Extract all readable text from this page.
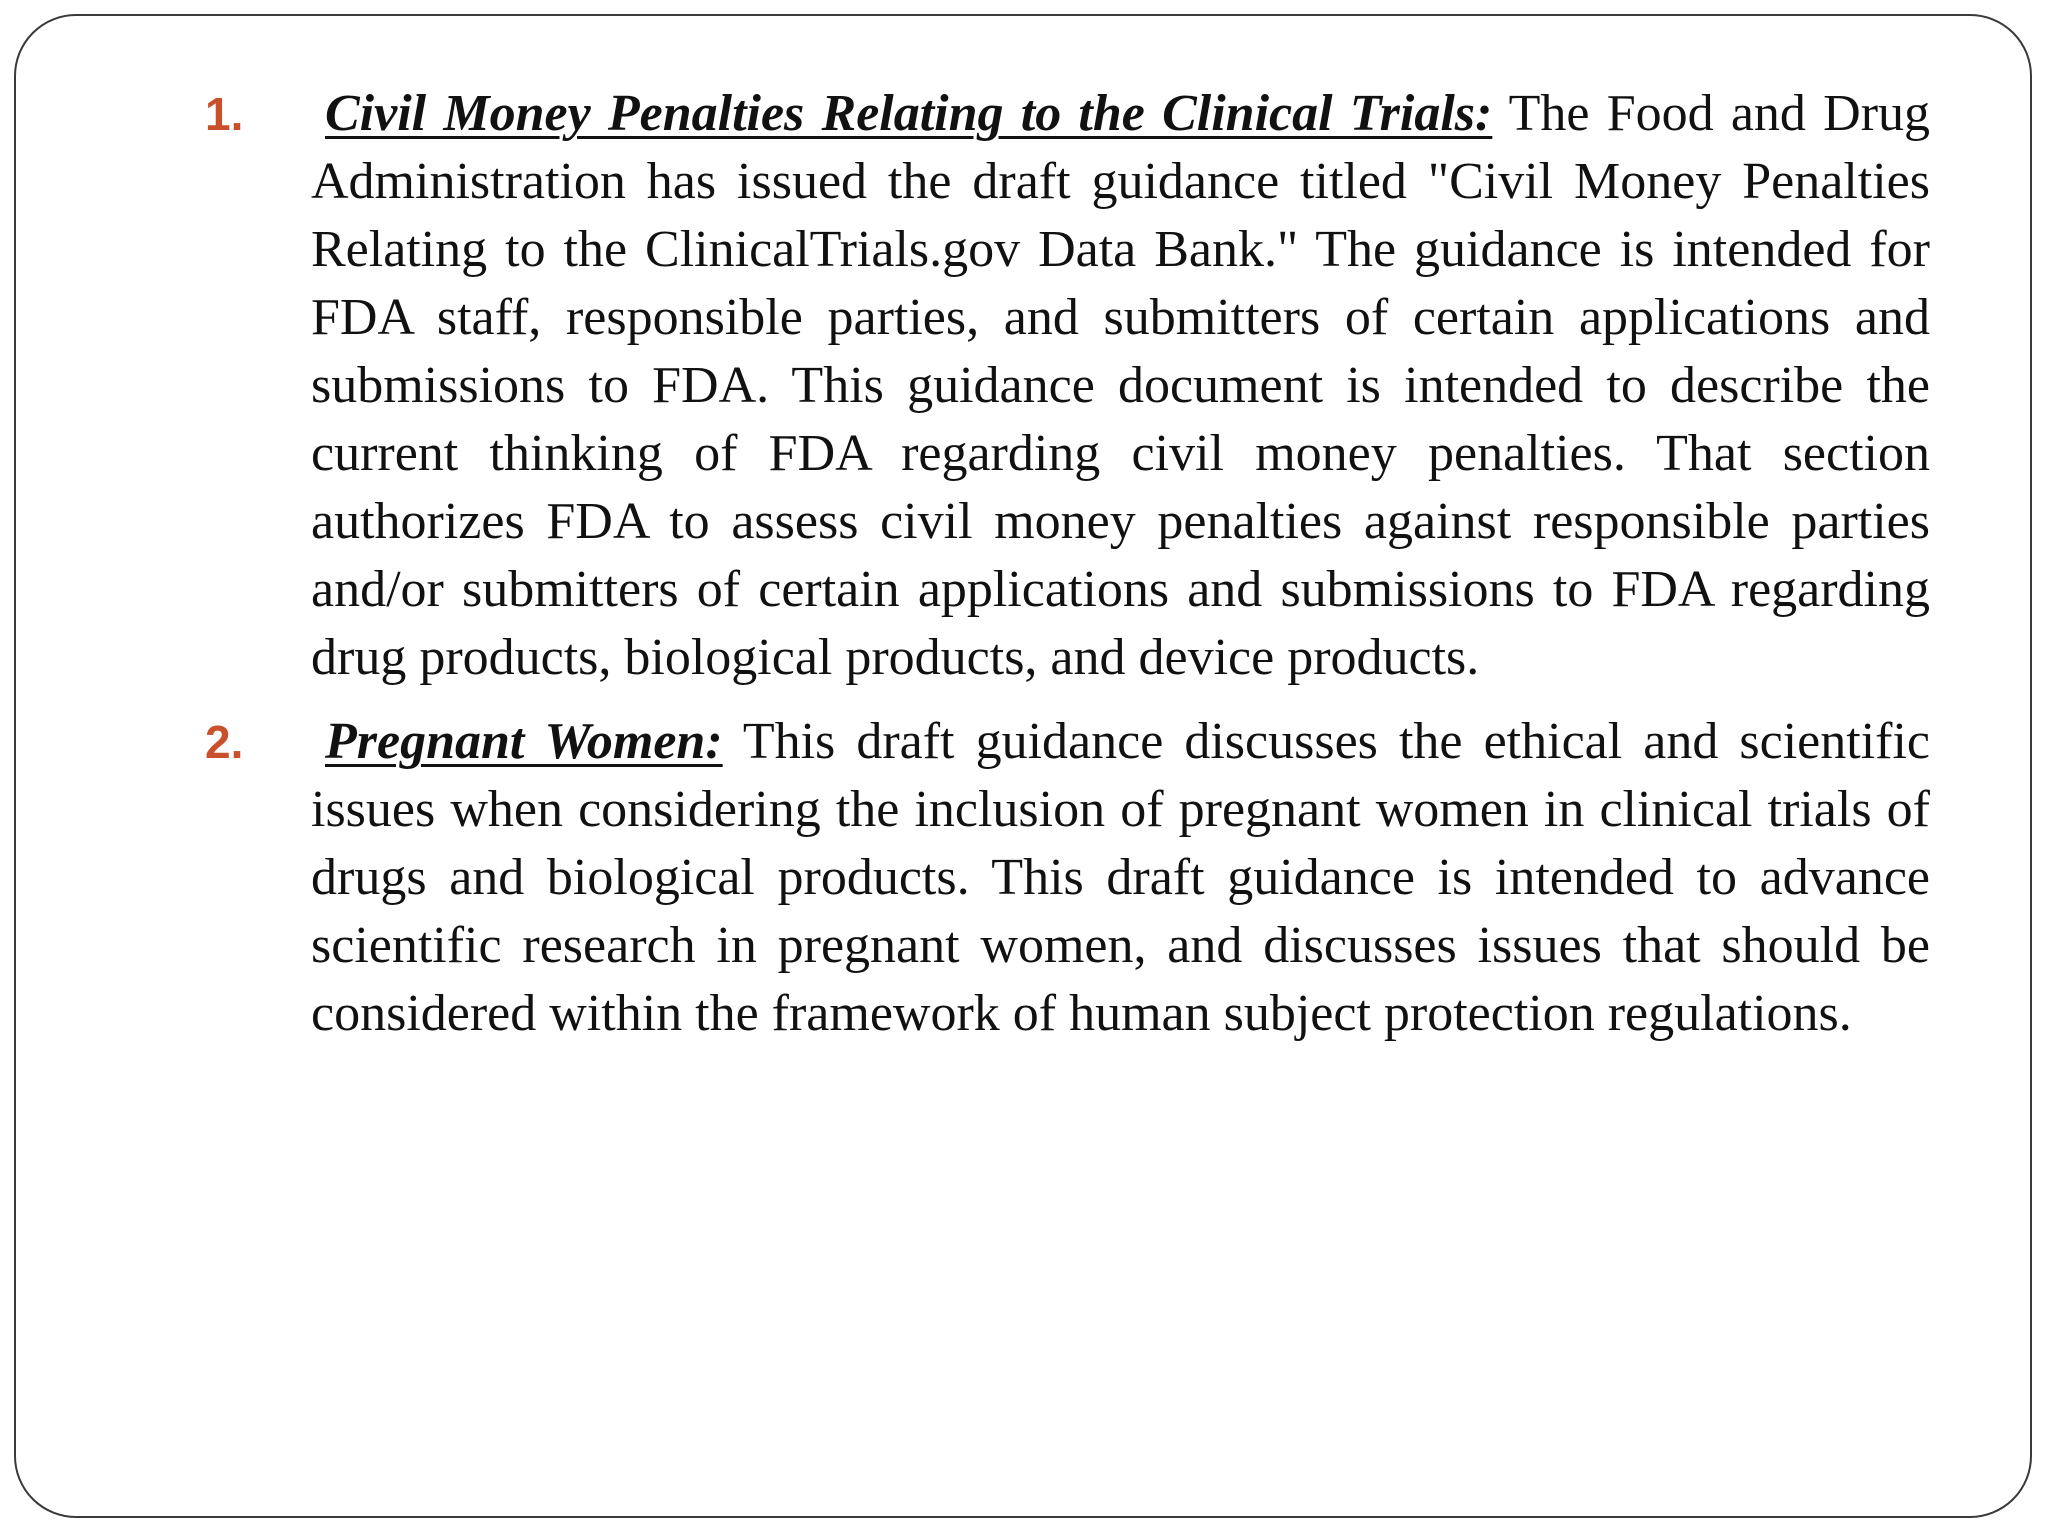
1. Civil Money Penalties Relating to the Clinical Trials: The Food and Drug Administration has issued the draft guidance titled "Civil Money Penalties Relating to the ClinicalTrials.gov Data Bank." The guidance is intended for FDA staff, responsible parties, and submitters of certain applications and submissions to FDA. This guidance document is intended to describe the current thinking of FDA regarding civil money penalties. That section authorizes FDA to assess civil money penalties against responsible parties and/or submitters of certain applications and submissions to FDA regarding drug products, biological products, and device products.
2. Pregnant Women: This draft guidance discusses the ethical and scientific issues when considering the inclusion of pregnant women in clinical trials of drugs and biological products. This draft guidance is intended to advance scientific research in pregnant women, and discusses issues that should be considered within the framework of human subject protection regulations.
